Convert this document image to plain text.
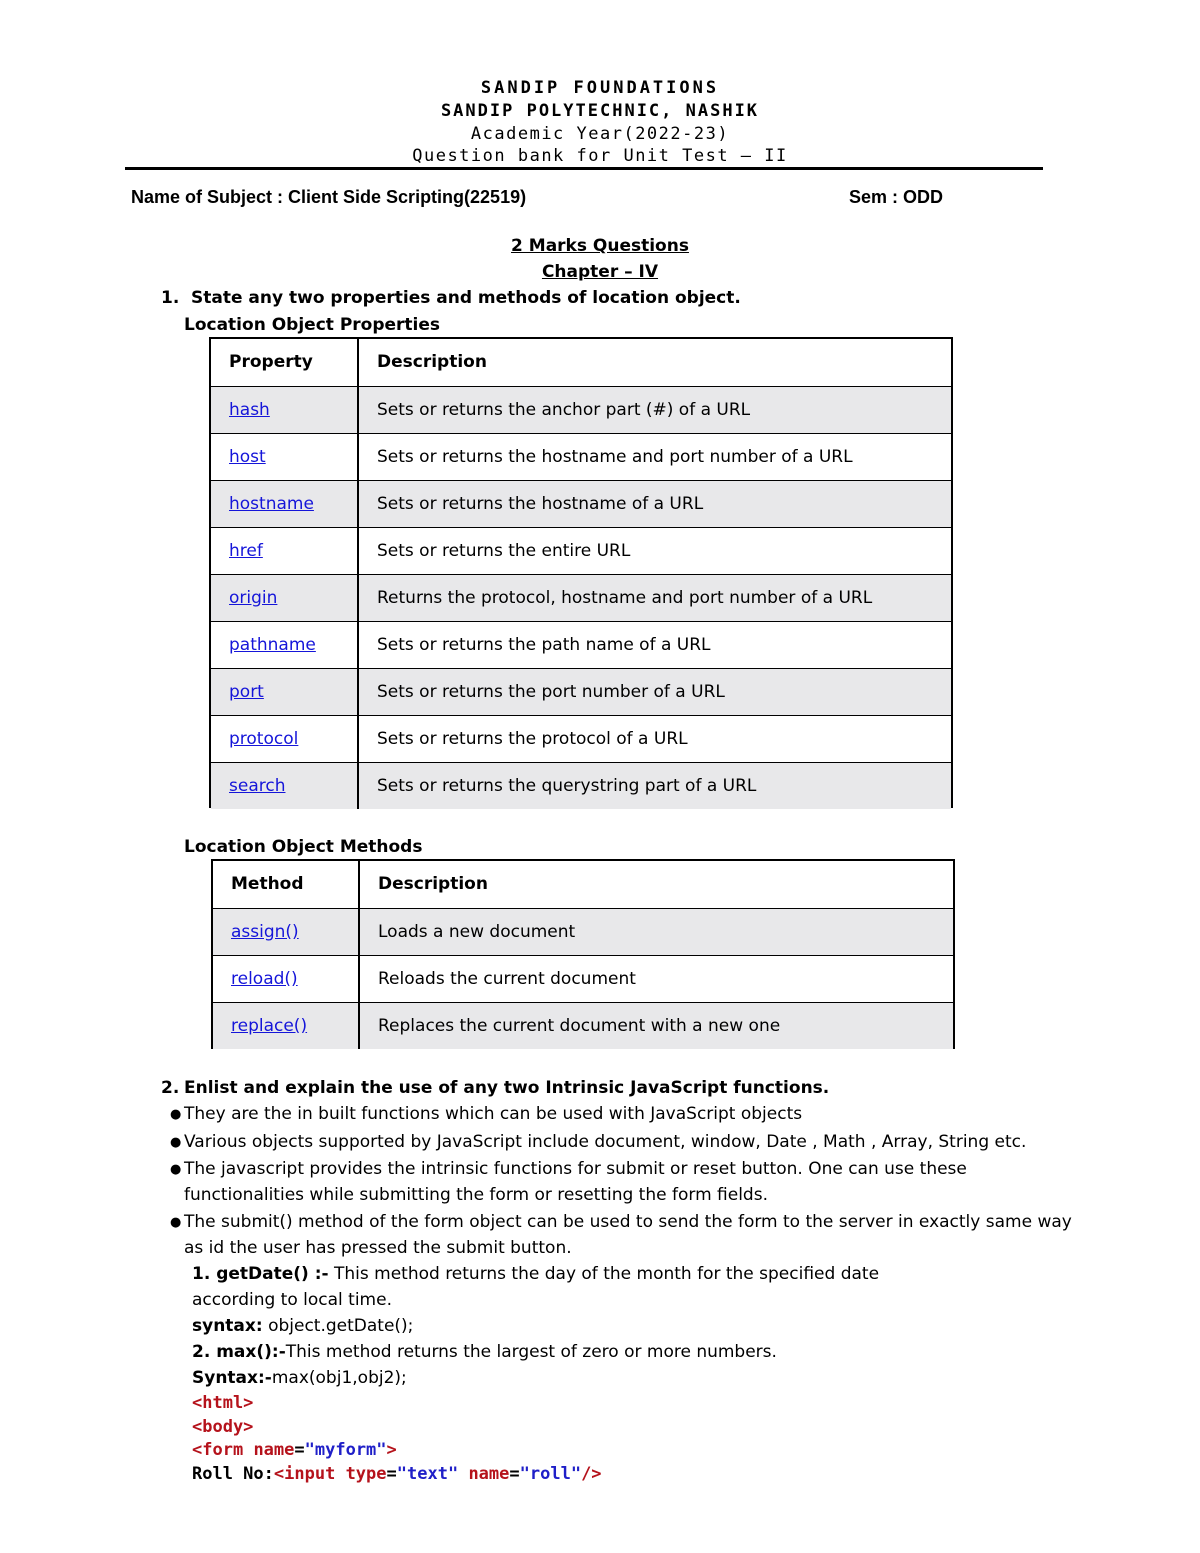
SANDIP FOUNDATIONS
SANDIP POLYTECHNIC, NASHIK
Academic Year(2022-23)
Question bank for Unit Test – II
Name of Subject : Client Side Scripting(22519)	Sem : ODD
2 Marks Questions
Chapter – IV
1. State any two properties and methods of location object.
Location Object Properties
Property	Description
hash	Sets or returns the anchor part (#) of a URL
host	Sets or returns the hostname and port number of a URL
hostname	Sets or returns the hostname of a URL
href	Sets or returns the entire URL
origin	Returns the protocol, hostname and port number of a URL
pathname	Sets or returns the path name of a URL
port	Sets or returns the port number of a URL
protocol	Sets or returns the protocol of a URL
search	Sets or returns the querystring part of a URL
Location Object Methods
Method	Description
assign()	Loads a new document
reload()	Reloads the current document
replace()	Replaces the current document with a new one
2. Enlist and explain the use of any two Intrinsic JavaScript functions.
● They are the in built functions which can be used with JavaScript objects
● Various objects supported by JavaScript include document, window, Date , Math , Array, String etc.
● The javascript provides the intrinsic functions for submit or reset button. One can use these
functionalities while submitting the form or resetting the form fields.
● The submit() method of the form object can be used to send the form to the server in exactly same way
as id the user has pressed the submit button.
1. getDate() :- This method returns the day of the month for the specified date
according to local time.
syntax: object.getDate();
2. max():-This method returns the largest of zero or more numbers.
Syntax:-max(obj1,obj2);
<html>
<body>
<form name="myform">
Roll No:<input type="text" name="roll"/>
